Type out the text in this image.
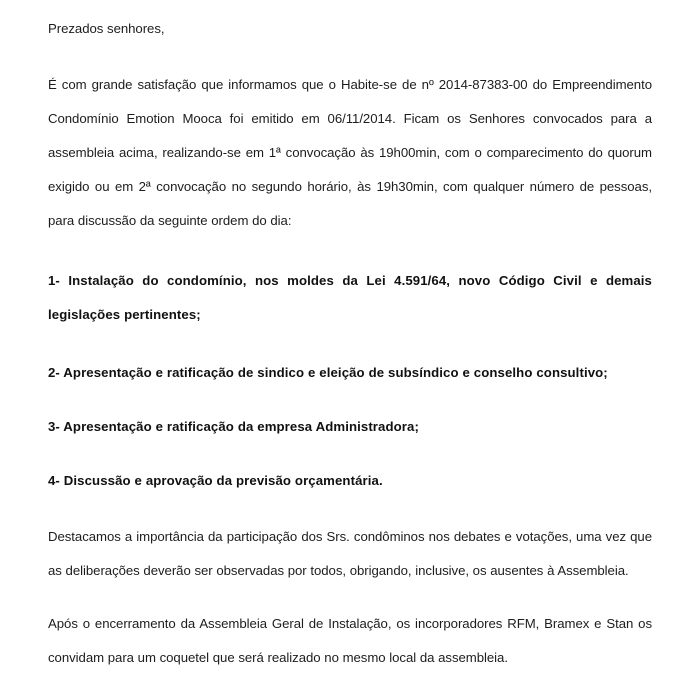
Prezados senhores,

É com grande satisfação que informamos que o Habite-se de nº 2014-87383-00 do Empreendimento Condomínio Emotion Mooca foi emitido em 06/11/2014. Ficam os Senhores convocados para a assembleia acima, realizando-se em 1ª convocação às 19h00min, com o comparecimento do quorum exigido ou em 2ª convocação no segundo horário, às 19h30min, com qualquer número de pessoas, para discussão da seguinte ordem do dia:

1- Instalação do condomínio, nos moldes da Lei 4.591/64, novo Código Civil e demais legislações pertinentes;

2- Apresentação e ratificação de sindico e eleição de subsíndico e conselho consultivo;

3- Apresentação e ratificação da empresa Administradora;

4- Discussão e aprovação da previsão orçamentária.

Destacamos a importância da participação dos Srs. condôminos nos debates e votações, uma vez que as deliberações deverão ser observadas por todos, obrigando, inclusive, os ausentes à Assembleia.

Após o encerramento da Assembleia Geral de Instalação, os incorporadores RFM, Bramex e Stan os convidam para um coquetel que será realizado no mesmo local da assembleia.
